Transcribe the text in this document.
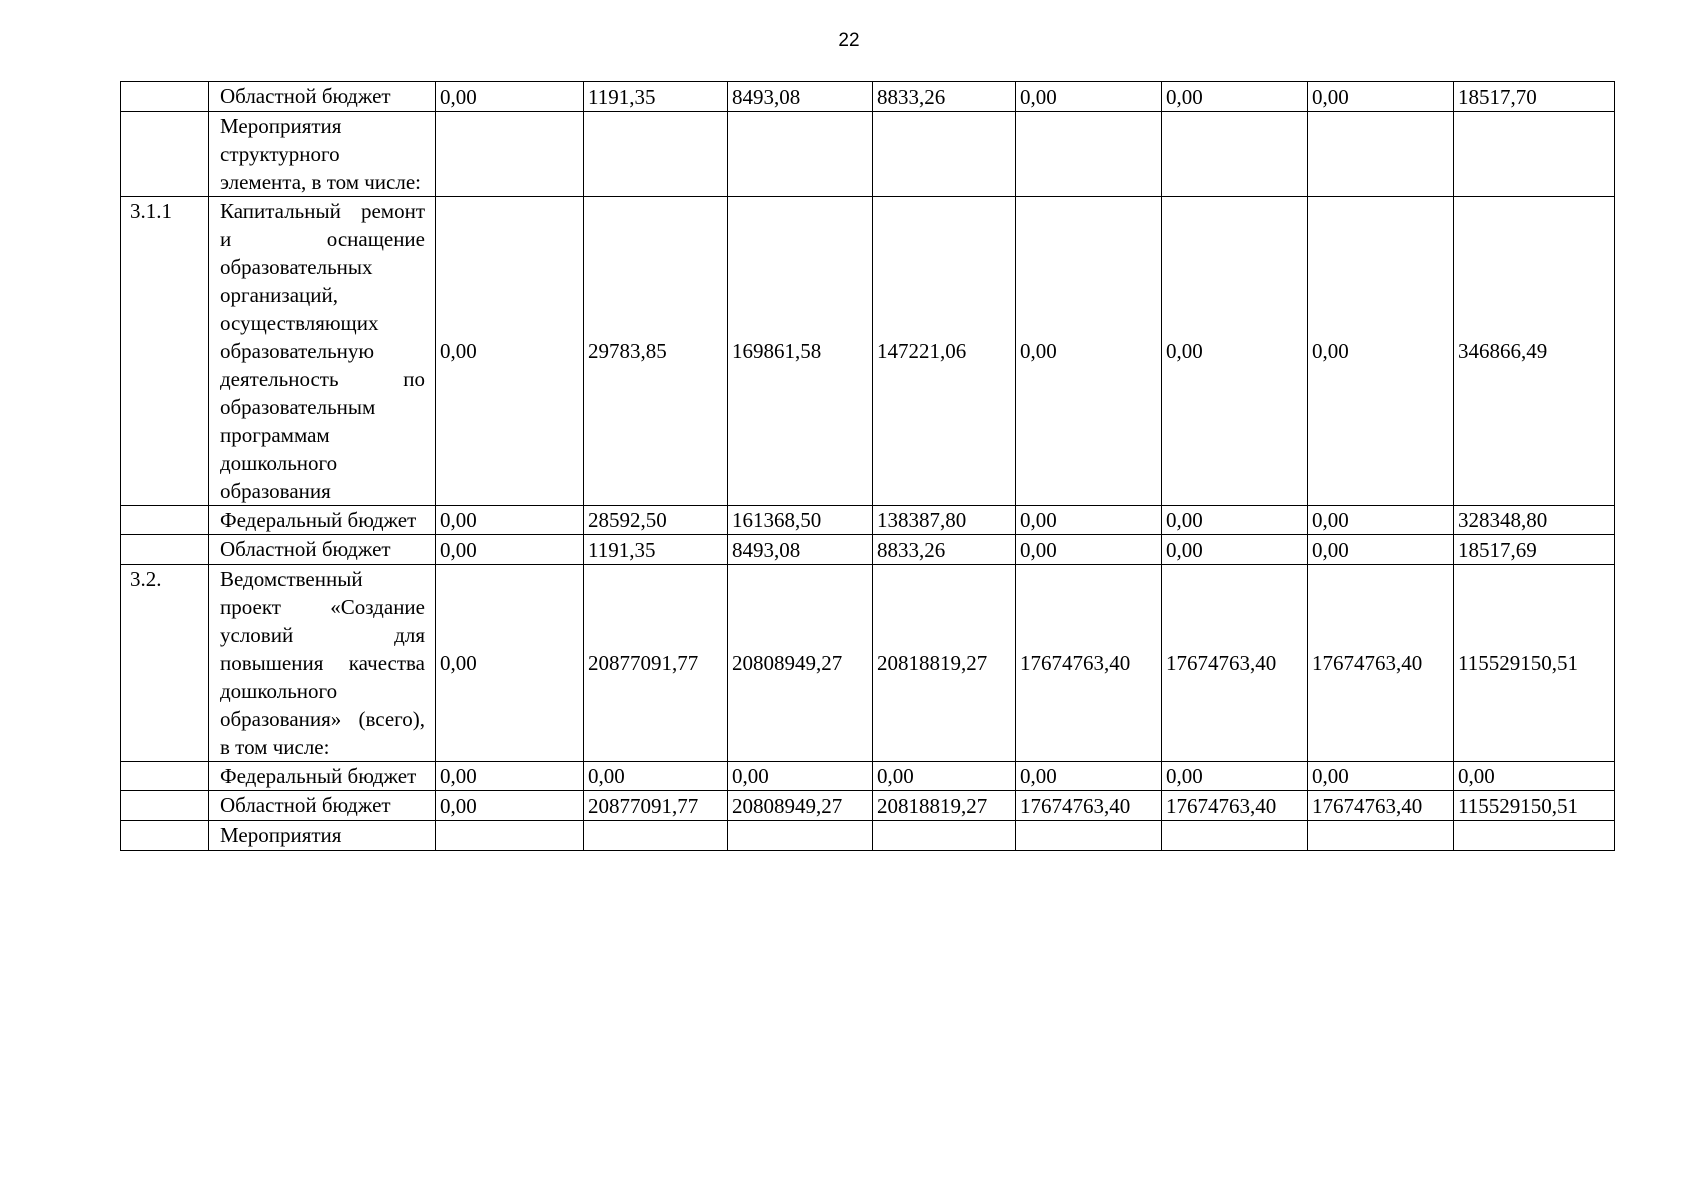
22
	Областной бюджет	0,00	1191,35	8493,08	8833,26	0,00	0,00	0,00	18517,70
	Мероприятия структурного элемента, в том числе:								
3.1.1	Капитальный ремонт и оснащение образовательных организаций, осуществляющих образовательную деятельность по образовательным программам дошкольного образования	0,00	29783,85	169861,58	147221,06	0,00	0,00	0,00	346866,49
	Федеральный бюджет	0,00	28592,50	161368,50	138387,80	0,00	0,00	0,00	328348,80
	Областной бюджет	0,00	1191,35	8493,08	8833,26	0,00	0,00	0,00	18517,69
3.2.	Ведомственный проект «Создание условий для повышения качества дошкольного образования» (всего), в том числе:	0,00	20877091,77	20808949,27	20818819,27	17674763,40	17674763,40	17674763,40	115529150,51
	Федеральный бюджет	0,00	0,00	0,00	0,00	0,00	0,00	0,00	0,00
	Областной бюджет	0,00	20877091,77	20808949,27	20818819,27	17674763,40	17674763,40	17674763,40	115529150,51
	Мероприятия								
